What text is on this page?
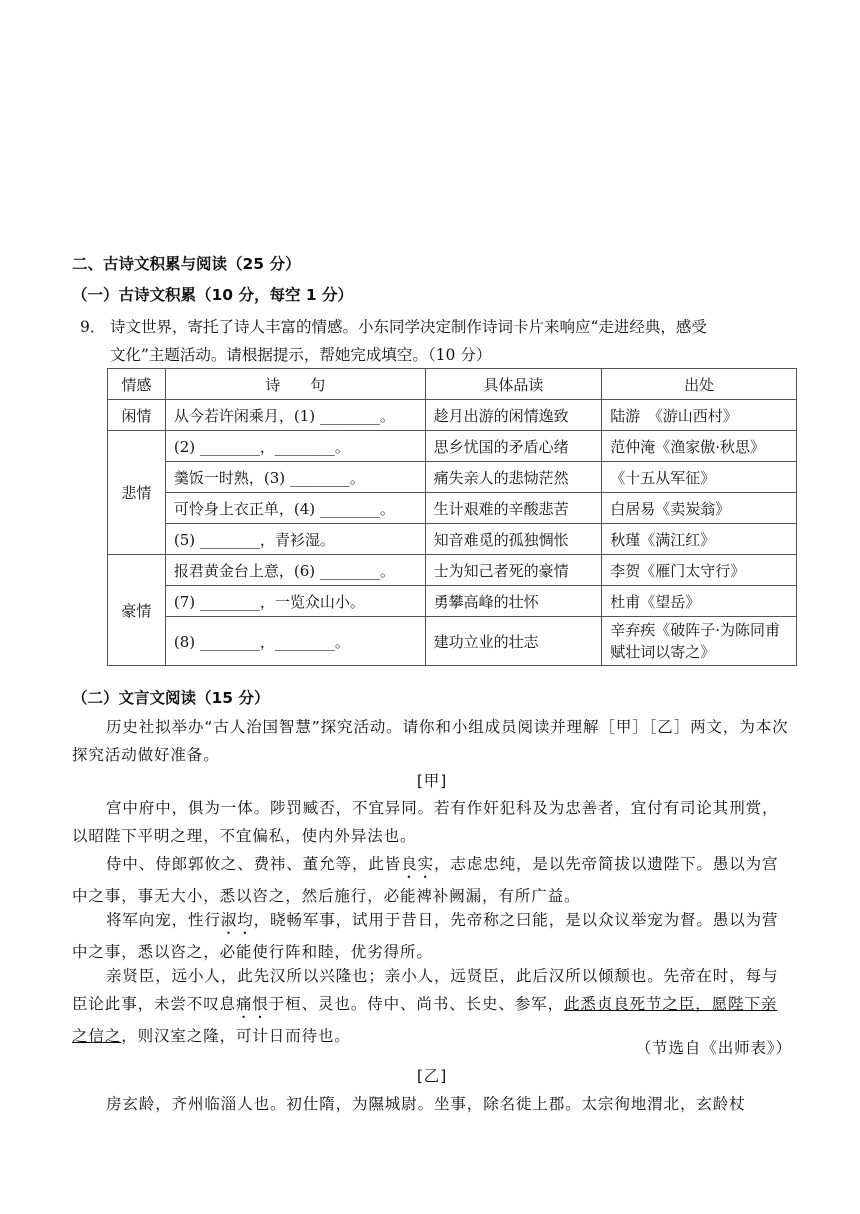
二、古诗文积累与阅读（25 分）
（一）古诗文积累（10 分，每空 1 分）
9． 诗文世界，寄托了诗人丰富的情感。小东同学决定制作诗词卡片来响应“走进经典，感受
文化”主题活动。请根据提示，帮她完成填空。（10 分）
情感	诗　　句	具体品读	出处
闲情	从今若许闲乘月，(1) ________。	趁月出游的闲情逸致	陆游　《游山西村》
悲情	(2) ________，________。	思乡忧国的矛盾心绪	范仲淹《渔家傲·秋思》
	羹饭一时熟，(3) ________。	痛失亲人的悲恸茫然	《十五从军征》
	可怜身上衣正单，(4) ________。	生计艰难的辛酸悲苦	白居易《卖炭翁》
	(5) ________，青衫湿。	知音难觅的孤独惆怅	秋瑾《满江红》
豪情	报君黄金台上意，(6) ________。	士为知己者死的豪情	李贺《雁门太守行》
	(7) ________，一览众山小。	勇攀高峰的壮怀	杜甫《望岳》
	(8) ________，________。	建功立业的壮志	辛弃疾《破阵子·为陈同甫赋壮词以寄之》
（二）文言文阅读（15 分）
历史社拟举办“古人治国智慧”探究活动。请你和小组成员阅读并理解［甲］［乙］两文，为本次探究活动做好准备。
[甲]
宫中府中，俱为一体。陟罚臧否，不宜异同。若有作奸犯科及为忠善者，宜付有司论其刑赏，以昭陛下平明之理，不宜偏私，使内外异法也。
侍中、侍郎郭攸之、费祎、董允等，此皆良实，志虑忠纯，是以先帝简拔以遗陛下。愚以为宫中之事，事无大小，悉以咨之，然后施行，必能裨补阙漏，有所广益。
将军向宠，性行淑均，晓畅军事，试用于昔日，先帝称之曰能，是以众议举宠为督。愚以为营中之事，悉以咨之，必能使行阵和睦，优劣得所。
亲贤臣，远小人，此先汉所以兴隆也；亲小人，远贤臣，此后汉所以倾颓也。先帝在时，每与臣论此事，未尝不叹息痛恨于桓、灵也。侍中、尚书、长史、参军，此悉贞良死节之臣，愿陛下亲之信之，则汉室之隆，可计日而待也。
（节选自《出师表》）
[乙]
房玄龄，齐州临淄人也。初仕隋，为隰城尉。坐事，除名徙上郡。太宗徇地渭北，玄龄杖
